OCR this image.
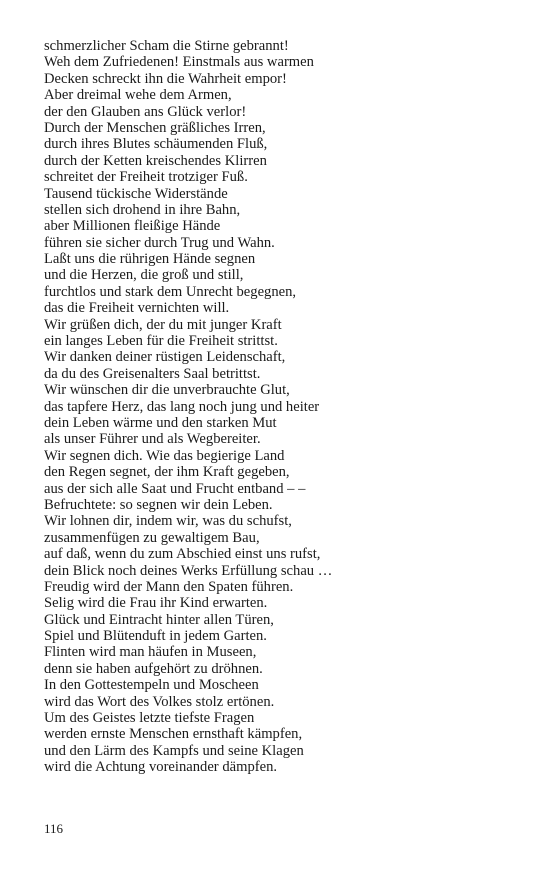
schmerzlicher Scham die Stirne gebrannt!
Weh dem Zufriedenen! Einstmals aus warmen
Decken schreckt ihn die Wahrheit empor!
Aber dreimal wehe dem Armen,
der den Glauben ans Glück verlor!
Durch der Menschen gräßliches Irren,
durch ihres Blutes schäumenden Fluß,
durch der Ketten kreischendes Klirren
schreitet der Freiheit trotziger Fuß.
Tausend tückische Widerstände
stellen sich drohend in ihre Bahn,
aber Millionen fleißige Hände
führen sie sicher durch Trug und Wahn.
Laßt uns die rührigen Hände segnen
und die Herzen, die groß und still,
furchtlos und stark dem Unrecht begegnen,
das die Freiheit vernichten will.
Wir grüßen dich, der du mit junger Kraft
ein langes Leben für die Freiheit strittst.
Wir danken deiner rüstigen Leidenschaft,
da du des Greisenalters Saal betrittst.
Wir wünschen dir die unverbrauchte Glut,
das tapfere Herz, das lang noch jung und heiter
dein Leben wärme und den starken Mut
als unser Führer und als Wegbereiter.
Wir segnen dich. Wie das begierige Land
den Regen segnet, der ihm Kraft gegeben,
aus der sich alle Saat und Frucht entband – –
Befruchtete: so segnen wir dein Leben.
Wir lohnen dir, indem wir, was du schufst,
zusammenfügen zu gewaltigem Bau,
auf daß, wenn du zum Abschied einst uns rufst,
dein Blick noch deines Werks Erfüllung schau …
Freudig wird der Mann den Spaten führen.
Selig wird die Frau ihr Kind erwarten.
Glück und Eintracht hinter allen Türen,
Spiel und Blütenduft in jedem Garten.
Flinten wird man häufen in Museen,
denn sie haben aufgehört zu dröhnen.
In den Gottestempeln und Moscheen
wird das Wort des Volkes stolz ertönen.
Um des Geistes letzte tiefste Fragen
werden ernste Menschen ernsthaft kämpfen,
und den Lärm des Kampfs und seine Klagen
wird die Achtung voreinander dämpfen.
116
